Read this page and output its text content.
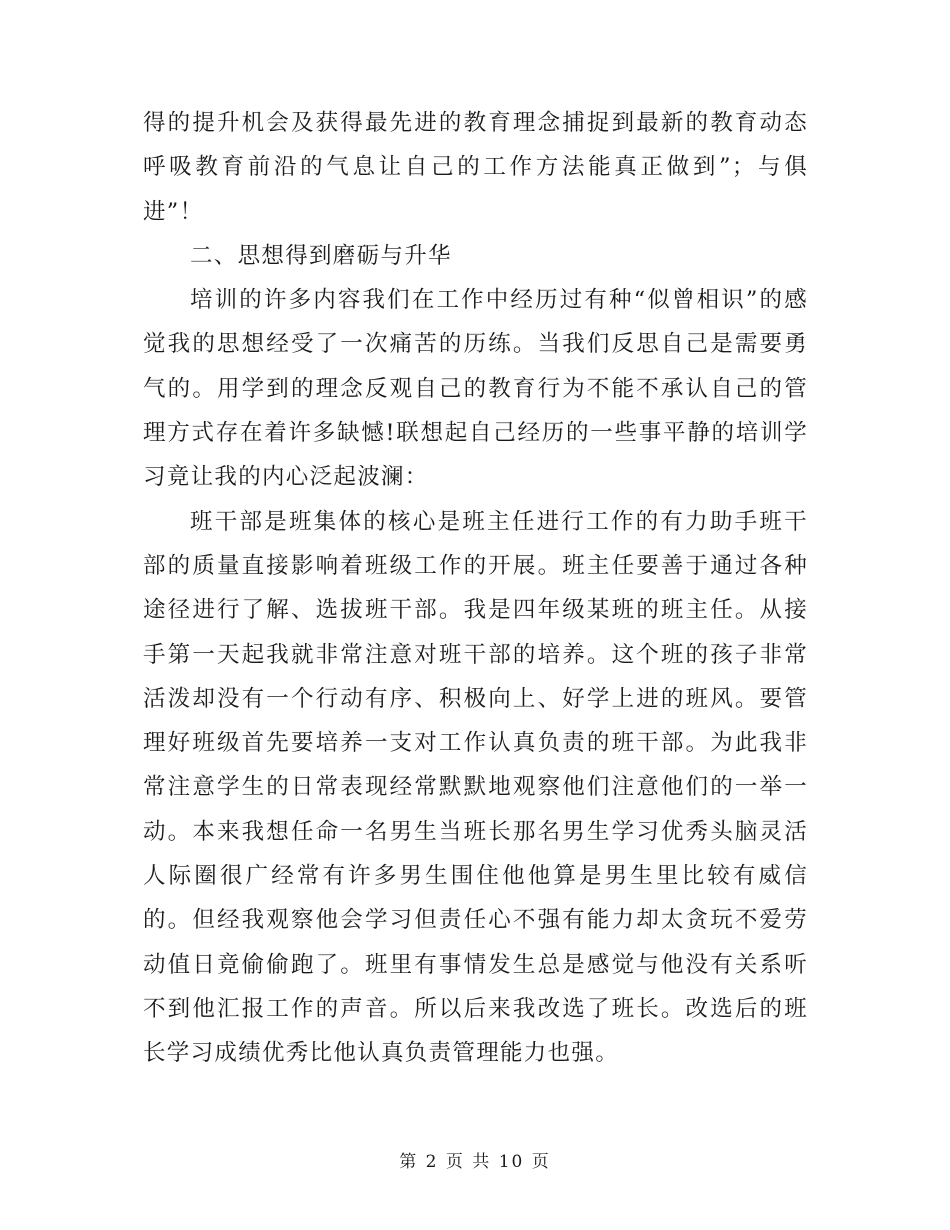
得的提升机会及获得最先进的教育理念捕捉到最新的教育动态呼吸教育前沿的气息让自己的工作方法能真正做到”；与俱进”！

二、思想得到磨砺与升华

培训的许多内容我们在工作中经历过有种“似曾相识”的感觉我的思想经受了一次痛苦的历练。当我们反思自己是需要勇气的。用学到的理念反观自己的教育行为不能不承认自己的管理方式存在着许多缺憾!联想起自己经历的一些事平静的培训学习竟让我的内心泛起波澜：

班干部是班集体的核心是班主任进行工作的有力助手班干部的质量直接影响着班级工作的开展。班主任要善于通过各种途径进行了解、选拔班干部。我是四年级某班的班主任。从接手第一天起我就非常注意对班干部的培养。这个班的孩子非常活泼却没有一个行动有序、积极向上、好学上进的班风。要管理好班级首先要培养一支对工作认真负责的班干部。为此我非常注意学生的日常表现经常默默地观察他们注意他们的一举一动。本来我想任命一名男生当班长那名男生学习优秀头脑灵活人际圈很广经常有许多男生围住他他算是男生里比较有威信的。但经我观察他会学习但责任心不强有能力却太贪玩不爱劳动值日竟偷偷跑了。班里有事情发生总是感觉与他没有关系听不到他汇报工作的声音。所以后来我改选了班长。改选后的班长学习成绩优秀比他认真负责管理能力也强。

第 2 页 共 10 页
